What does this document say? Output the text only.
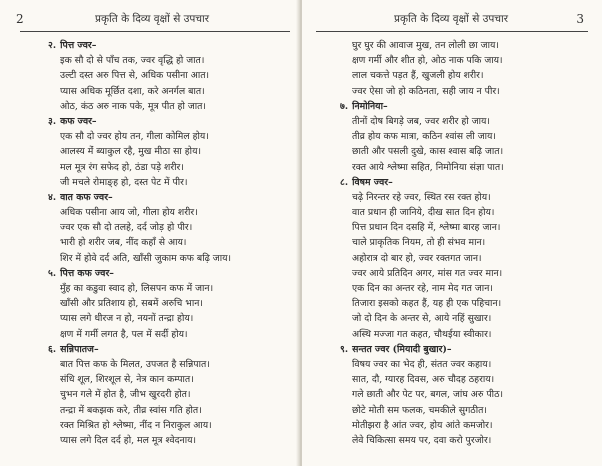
2	प्रकृति के दिव्य वृक्षों से उपचार
२. पित्त ज्वर–
इक सौ दो से पाँच तक, ज्वर वृद्धि हो जात।
उल्टी दस्त अरु पित्त से, अधिक पसीना आत।
प्यास अधिक मूर्छित दशा, करे अनर्गल बात।
ओठ, कंठ अरु नाक पके, मूत्र पीत हो जात।
३. कफ ज्वर–
एक सौ दो ज्वर होय तन, गीला कोमिल होय।
आलस्य मेंं ब्याकुल रहै, मुख मीठा सा होय।
मल मूत्र रंग सफेद हो, ठंडा पड़े शरीर।
जी मचले रोमाङ्ह हो, दस्त पेट में पीर।
४. वात कफ ज्वर–
अधिक पसीना आय जो, गीला होय शरीर।
ज्वर एक सौ दो तलहे, दर्द जोड़ हो पीर।
भारी हो शरीर जब, नींद कहाँ से आय।
शिर में होवे दर्द अति, खाँसी जुकाम कफ बढ़ि जाय।
५. पित्त कफ ज्वर–
मुँह का कडुवा स्वाद हो, लिसपन कफ में जान।
खाँसी और प्रतिशाय हो, सबमें अरुचि भान।
प्यास लगे धीरज न हो, नयनों तन्द्रा होय।
क्षण में गर्मी लगत है, पल में सर्दी होय।
६. सन्निपातज–
बात पित्त कफ के मिलत, उपजत है सन्निपात।
संधि शूल, शिरशूल से, नेत्र कान कम्पात।
चुभन गले में होत है, जीभ खुरदरी होत।
तन्द्रा में बकझक करे, तीव्र स्वांस गति होत।
रक्त मिश्रित हो श्लेष्मा, नींद न निराकुल आय।
प्यास लगे दिल दर्द हो, मल मूत्र श्वेदनाय।
3
प्रकृति के दिव्य वृक्षों से उपचार
घुर घुर की आवाज मुख, तन लोली छा जाय।
क्षण गर्मी और शीत हो, ओठ नाक पकि जाय।
लाल चकत्ते पड़त हैं, खुजली होय शरीर।
ज्वर ऐसा जो हो कठिनता, सही जाय न पीर।
७. निमोनिया–
तीनों दोष बिगड़े जब, ज्वर शरीर हो जाय।
तीव्र होय कफ मात्रा, कठिन श्वांस ली जाय।
छाती और पसली दुखे, कास श्वास बढ़ि जात।
रक्त आये श्लेष्मा सहित, निमोनिया संज्ञा पात।
८. विषम ज्वर–
चढ़े निरन्तर रहे ज्वर, स्थित रस रक्त होय।
वात प्रधान ही जानिये, दीख सात दिन होय।
पित्त प्रधान दिन दसहि में, श्लेष्मा बारह जान।
चाले प्राकृतिक नियम, तो ही संभव मान।
अहोरात्र दो बार हो, ज्वर रक्तगत जान।
ज्वर आये प्रतिदिन अगर, मांस गत ज्वर मान।
एक दिन का अन्तर रहे, नाम मेद गत जान।
तिजारा इसको कहत हैं, यह ही एक पहिचान।
जो दो दिन के अन्तर से, आये नहिं सुखार।
अस्थि मज्जा गत कहत, चौथईया स्वीकार।
९. सन्तत ज्वर (मियादी बुखार)–
विषय ज्वर का भेद ही, संतत ज्वर कहाय।
सात, दौ, ग्यारह दिवस, अरु चौदह ठहराय।
गले छाती और पेट पर, बगल, जांघ अरु पीठ।
छोटे मोती सम फलक, चमकीले सुगठीत।
मोतीझरा है आंत ज्वर, होय आंते कमजोर।
लेवे चिकित्सा समय पर, दवा करो पुरजोर।
